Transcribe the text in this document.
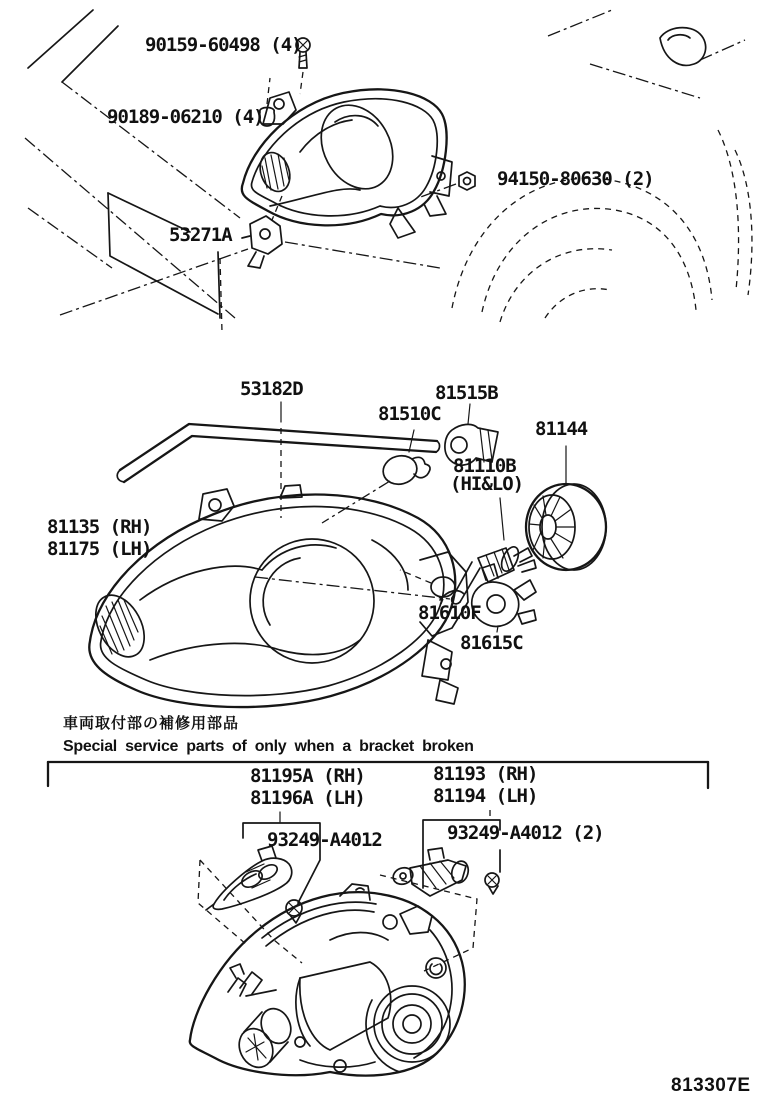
90159-60498 (4)
90189-06210 (4)
94150-80630 (2)
53271A
53182D
81510C
81515B
81144
81110B
(HI&LO)
81135 (RH)
81175 (LH)
81610F
81615C
車両取付部の補修用部品
Special service parts of only when a bracket broken
81195A (RH)
81196A (LH)
81193 (RH)
81194 (LH)
93249-A4012	93249-A4012 (2)
813307E
